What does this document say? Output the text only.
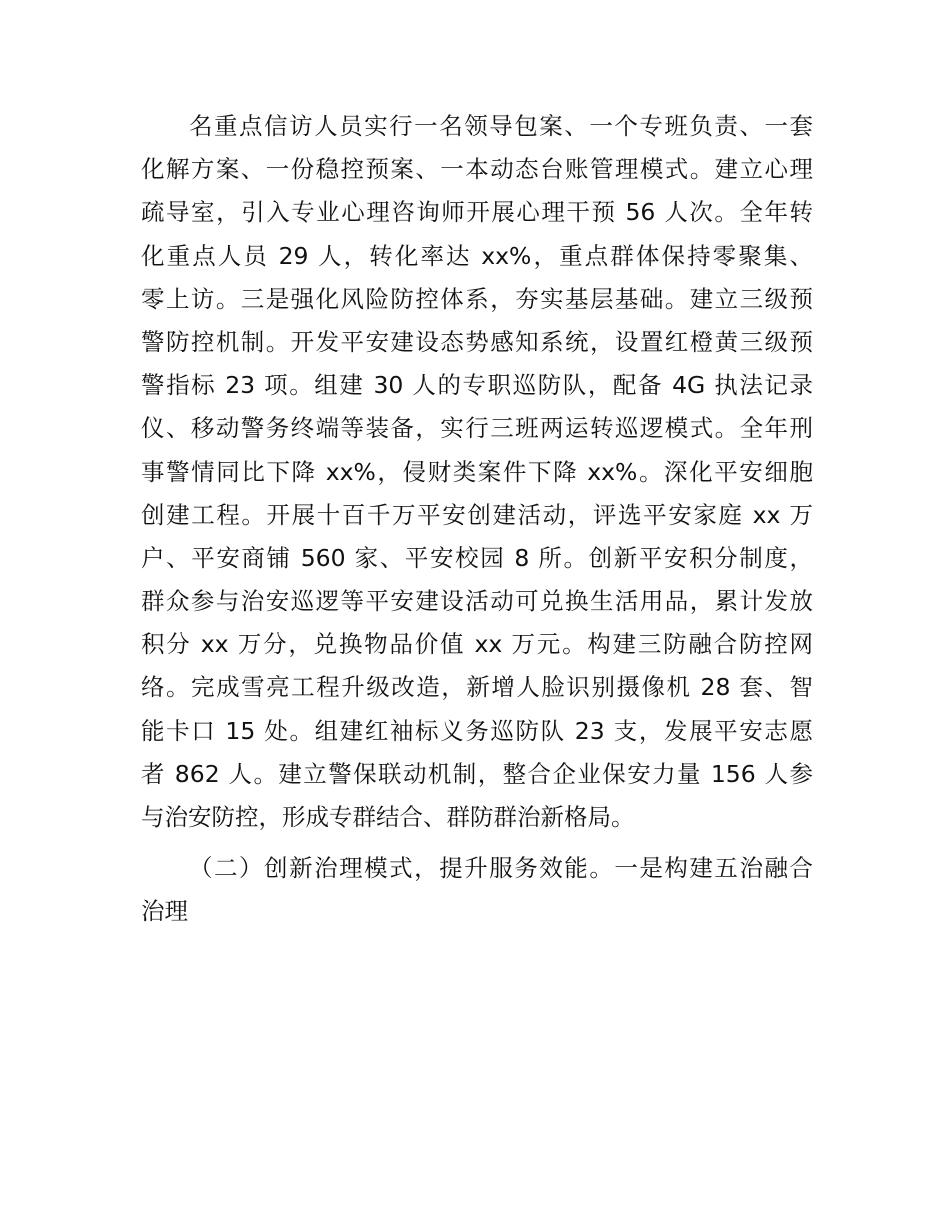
名重点信访人员实行一名领导包案、一个专班负责、一套
化解方案、一份稳控预案、一本动态台账管理模式。建立心理
疏导室，引入专业心理咨询师开展心理干预 56 人次。全年转
化重点人员 29 人，转化率达 xx%，重点群体保持零聚集、
零上访。三是强化风险防控体系，夯实基层基础。建立三级预
警防控机制。开发平安建设态势感知系统，设置红橙黄三级预
警指标 23 项。组建 30 人的专职巡防队，配备 4G 执法记录
仪、移动警务终端等装备，实行三班两运转巡逻模式。全年刑
事警情同比下降 xx%，侵财类案件下降 xx%。深化平安细胞
创建工程。开展十百千万平安创建活动，评选平安家庭 xx 万
户、平安商铺 560 家、平安校园 8 所。创新平安积分制度，
群众参与治安巡逻等平安建设活动可兑换生活用品，累计发放
积分 xx 万分，兑换物品价值 xx 万元。构建三防融合防控网
络。完成雪亮工程升级改造，新增人脸识别摄像机 28 套、智
能卡口 15 处。组建红袖标义务巡防队 23 支，发展平安志愿
者 862 人。建立警保联动机制，整合企业保安力量 156 人参
与治安防控，形成专群结合、群防群治新格局。
（二）创新治理模式，提升服务效能。一是构建五治融合
治理
